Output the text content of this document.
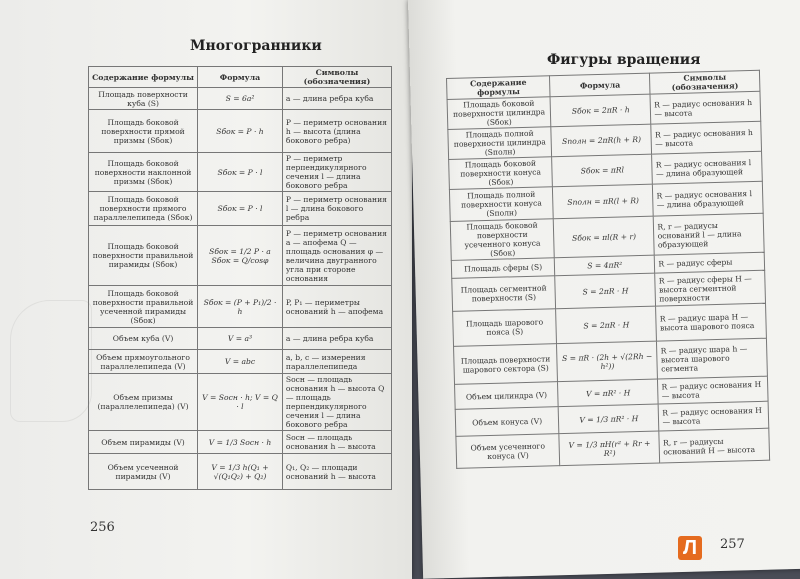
Многогранники
Фигуры вращения
Содержание формулы	Формула	Символы (обозначения)
Площадь поверхности куба (S)	S = 6a²	a — длина ребра куба
Площадь боковой поверхности прямой призмы (Sбок)	Sбок = P · h	P — периметр основания h — высота (длина бокового ребра)
Площадь боковой поверхности наклонной призмы (Sбок)	Sбок = P · l	P — периметр перпендикулярного сечения l — длина бокового ребра
Площадь боковой поверхности прямого параллелепипеда (Sбок)	Sбок = P · l	P — периметр основания l — длина бокового ребра
Площадь боковой поверхности правильной пирамиды (Sбок)	Sбок = 1/2 P · a Sбок = Q/cosφ	P — периметр основания a — апофема Q — площадь основания φ — величина двугранного угла при стороне основания
Площадь боковой поверхности правильной усеченной пирамиды (Sбок)	Sбок = (P + P₁)/2 · h	P, P₁ — периметры оснований h — апофема
Объем куба (V)	V = a³	a — длина ребра куба
Объем прямоугольного параллелепипеда (V)	V = abc	a, b, c — измерения параллелепипеда
Объем призмы (параллелепипеда) (V)	V = Sосн · h; V = Q · l	Sосн — площадь основания h — высота Q — площадь перпендикулярного сечения l — длина бокового ребра
Объем пирамиды (V)	V = 1/3 Sосн · h	Sосн — площадь основания h — высота
Объем усеченной пирамиды (V)	V = 1/3 h(Q₁ + √(Q₁Q₂) + Q₂)	Q₁, Q₂ — площади оснований h — высота
Содержание формулы	Формула	Символы (обозначения)
Площадь боковой поверхности цилиндра (Sбок)	Sбок = 2πR · h	R — радиус основания h — высота
Площадь полной поверхности цилиндра (Sполн)	Sполн = 2πR(h + R)	R — радиус основания h — высота
Площадь боковой поверхности конуса (Sбок)	Sбок = πRl	R — радиус основания l — длина образующей
Площадь полной поверхности конуса (Sполн)	Sполн = πR(l + R)	R — радиус основания l — длина образующей
Площадь боковой поверхности усеченного конуса (Sбок)	Sбок = πl(R + r)	R, r — радиусы оснований l — длина образующей
Площадь сферы (S)	S = 4πR²	R — радиус сферы
Площадь сегментной поверхности (S)	S = 2πR · H	R — радиус сферы H — высота сегментной поверхности
Площадь шарового пояса (S)	S = 2πR · H	R — радиус шара H — высота шарового пояса
Площадь поверхности шарового сектора (S)	S = πR · (2h + √(2Rh − h²))	R — радиус шара h — высота шарового сегмента
Объем цилиндра (V)	V = πR² · H	R — радиус основания H — высота
Объем конуса (V)	V = 1/3 πR² · H	R — радиус основания H — высота
Объем усеченного конуса (V)	V = 1/3 πH(r² + Rr + R²)	R, r — радиусы оснований H — высота
256
257
Л
